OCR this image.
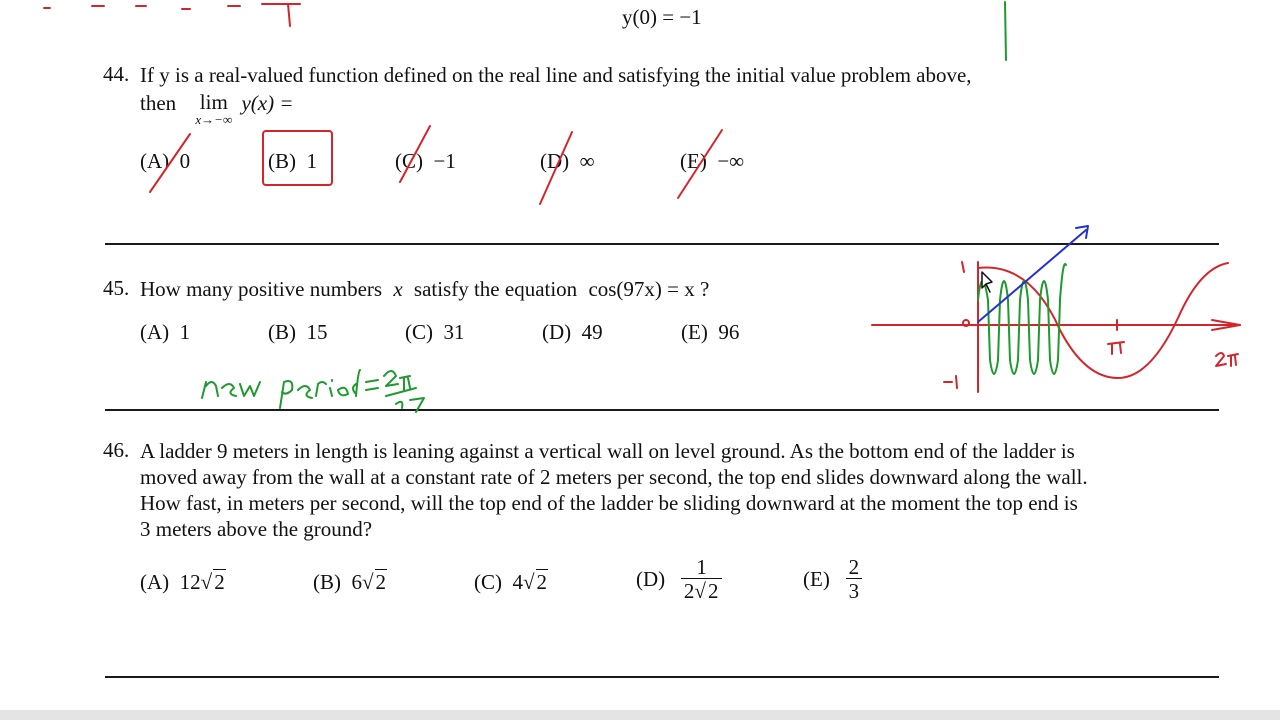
y(0) = −1
44. If y is a real-valued function defined on the real line and satisfying the initial value problem above,
then lim
x→−∞
y(x) =
(A) 0	(B) 1	(C) −1	(D) ∞	(E) −∞
45. How many positive numbers x satisfy the equation cos(97x) = x ?
(A) 1	(B) 15	(C) 31	(D) 49	(E) 96
46. A ladder 9 meters in length is leaning against a vertical wall on level ground. As the bottom end of the ladder is
moved away from the wall at a constant rate of 2 meters per second, the top end slides downward along the wall.
How fast, in meters per second, will the top end of the ladder be sliding downward at the moment the top end is
3 meters above the ground?
(A) 12√2	(B) 6√2	(C) 4√2	$(D) \frac{1}{2√2}$	$(E) \frac{2}{3}$
